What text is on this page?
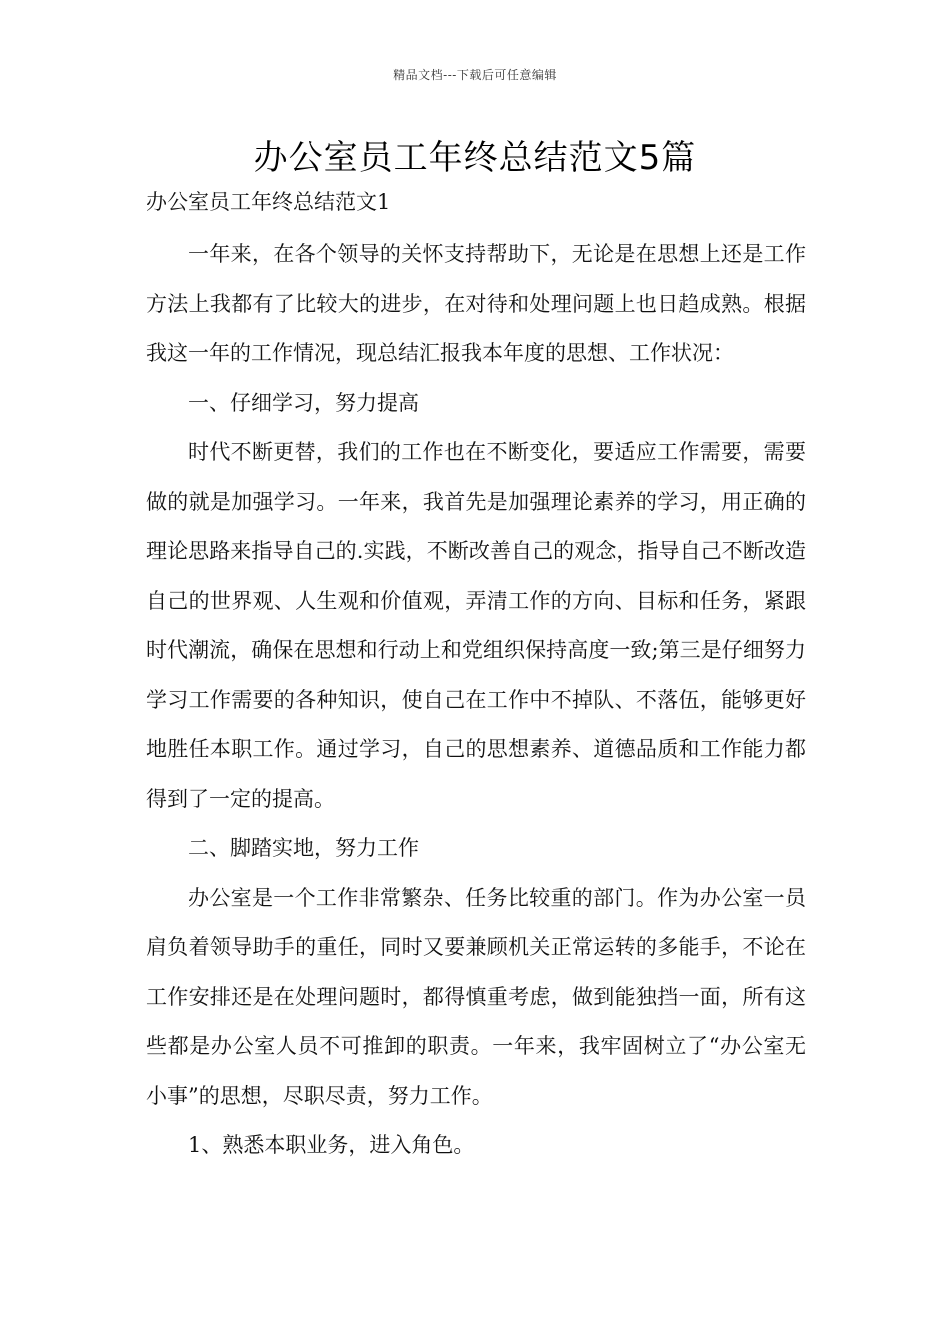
精品文档---下载后可任意编辑
办公室员工年终总结范文5篇
办公室员工年终总结范文1

一年来，在各个领导的关怀支持帮助下，无论是在思想上还是工作方法上我都有了比较大的进步，在对待和处理问题上也日趋成熟。根据我这一年的工作情况，现总结汇报我本年度的思想、工作状况：

一、仔细学习，努力提高

时代不断更替，我们的工作也在不断变化，要适应工作需要，需要做的就是加强学习。一年来，我首先是加强理论素养的学习，用正确的理论思路来指导自己的.实践，不断改善自己的观念，指导自己不断改造自己的世界观、人生观和价值观，弄清工作的方向、目标和任务，紧跟时代潮流，确保在思想和行动上和党组织保持高度一致;第三是仔细努力学习工作需要的各种知识，使自己在工作中不掉队、不落伍，能够更好地胜任本职工作。通过学习，自己的思想素养、道德品质和工作能力都得到了一定的提高。

二、脚踏实地，努力工作

办公室是一个工作非常繁杂、任务比较重的部门。作为办公室一员肩负着领导助手的重任，同时又要兼顾机关正常运转的多能手，不论在工作安排还是在处理问题时，都得慎重考虑，做到能独挡一面，所有这些都是办公室人员不可推卸的职责。一年来，我牢固树立了“办公室无小事”的思想，尽职尽责，努力工作。

1、熟悉本职业务，进入角色。
